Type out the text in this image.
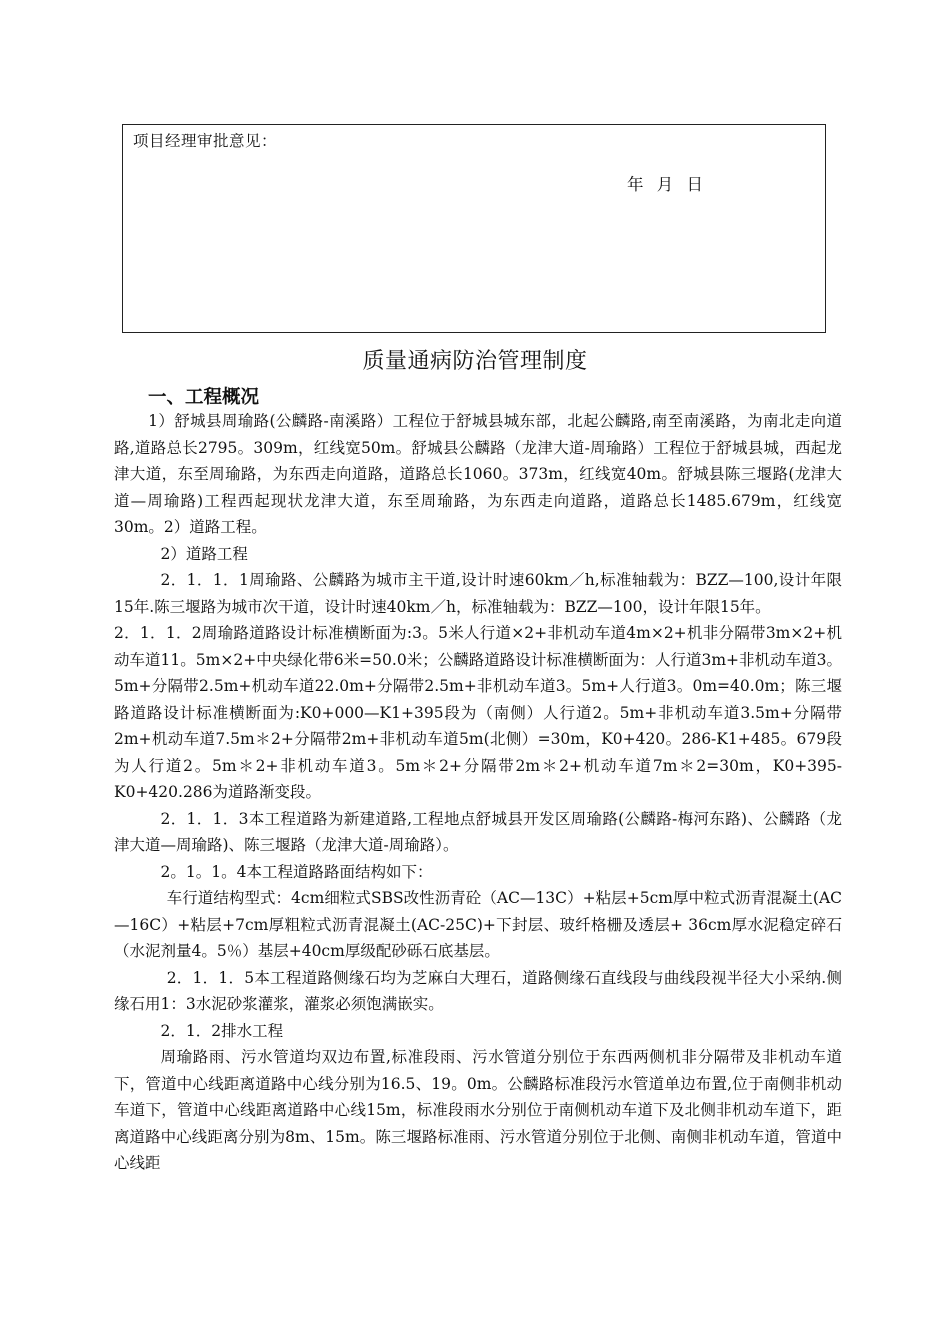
项目经理审批意见：
年 月 日
质量通病防治管理制度
一、工程概况

1）舒城县周瑜路(公麟路-南溪路）工程位于舒城县城东部，北起公麟路,南至南溪路，为南北走向道路,道路总长2795。309m，红线宽50m。舒城县公麟路（龙津大道-周瑜路）工程位于舒城县城，西起龙津大道，东至周瑜路，为东西走向道路，道路总长1060。373m，红线宽40m。舒城县陈三堰路(龙津大道—周瑜路)工程西起现状龙津大道，东至周瑜路，为东西走向道路，道路总长1485.679m，红线宽30m。2）道路工程。

2）道路工程

2．1．1．1周瑜路、公麟路为城市主干道,设计时速60km／h,标准轴载为：BZZ—100,设计年限15年.陈三堰路为城市次干道，设计时速40km／h，标准轴载为：BZZ—100，设计年限15年。

2．1．1．2周瑜路道路设计标准横断面为:3。5米人行道×2+非机动车道4m×2+机非分隔带3m×2+机动车道11。5m×2+中央绿化带6米=50.0米；公麟路道路设计标准横断面为：人行道3m+非机动车道3。5m+分隔带2.5m+机动车道22.0m+分隔带2.5m+非机动车道3。5m+人行道3。0m=40.0m；陈三堰路道路设计标准横断面为:K0+000—K1+395段为（南侧）人行道2。5m+非机动车道3.5m+分隔带2m+机动车道7.5m＊2+分隔带2m+非机动车道5m(北侧）=30m，K0+420。286-K1+485。679段为人行道2。5m＊2+非机动车道3。5m＊2+分隔带2m＊2+机动车道7m＊2=30m，K0+395-K0+420.286为道路渐变段。

2．1．1．3本工程道路为新建道路,工程地点舒城县开发区周瑜路(公麟路-梅河东路)、公麟路（龙津大道—周瑜路)、陈三堰路（龙津大道-周瑜路）。

2。1。1。4本工程道路路面结构如下：

车行道结构型式：4cm细粒式SBS改性沥青砼（AC—13C）+粘层+5cm厚中粒式沥青混凝土(AC—16C）+粘层+7cm厚粗粒式沥青混凝土(AC-25C)+下封层、玻纤格栅及透层+ 36cm厚水泥稳定碎石（水泥剂量4。5％）基层+40cm厚级配砂砾石底基层。

2．1．1．5本工程道路侧缘石均为芝麻白大理石，道路侧缘石直线段与曲线段视半径大小采纳.侧缘石用1：3水泥砂浆灌浆，灌浆必须饱满嵌实。

2．1．2排水工程

周瑜路雨、污水管道均双边布置,标准段雨、污水管道分别位于东西两侧机非分隔带及非机动车道下，管道中心线距离道路中心线分别为16.5、19。0m。公麟路标准段污水管道单边布置,位于南侧非机动车道下，管道中心线距离道路中心线15m，标准段雨水分别位于南侧机动车道下及北侧非机动车道下，距离道路中心线距离分别为8m、15m。陈三堰路标准雨、污水管道分别位于北侧、南侧非机动车道，管道中心线距
